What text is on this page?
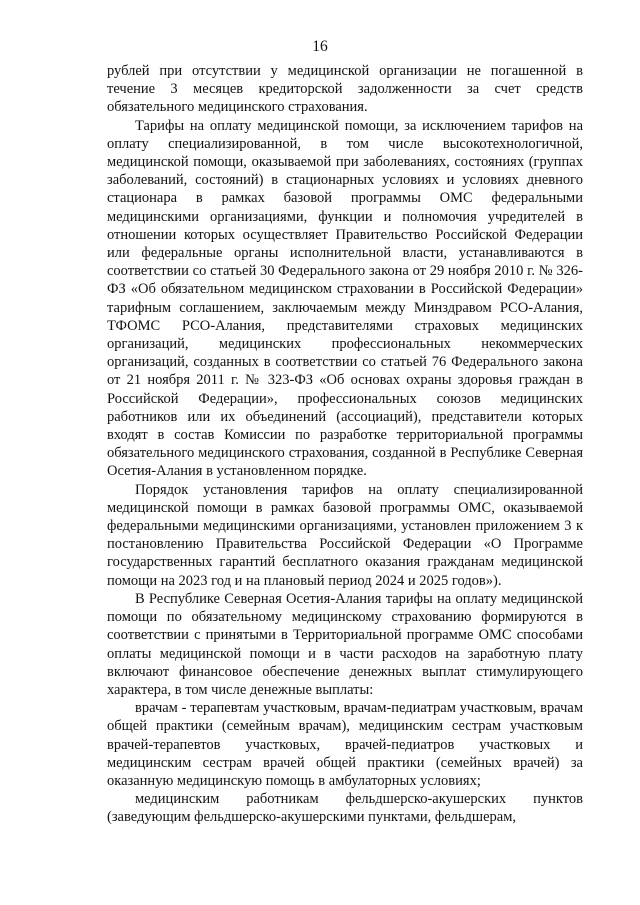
16

рублей при отсутствии у медицинской организации не погашенной в течение 3 месяцев кредиторской задолженности за счет средств обязательного медицинского страхования.

Тарифы на оплату медицинской помощи, за исключением тарифов на оплату специализированной, в том числе высокотехнологичной, медицинской помощи, оказываемой при заболеваниях, состояниях (группах заболеваний, состояний) в стационарных условиях и условиях дневного стационара в рамках базовой программы ОМС федеральными медицинскими организациями, функции и полномочия учредителей в отношении которых осуществляет Правительство Российской Федерации или федеральные органы исполнительной власти, устанавливаются в соответствии со статьей 30 Федерального закона от 29 ноября 2010 г. № 326-ФЗ «Об обязательном медицинском страховании в Российской Федерации» тарифным соглашением, заключаемым между Минздравом РСО-Алания, ТФОМС РСО-Алания, представителями страховых медицинских организаций, медицинских профессиональных некоммерческих организаций, созданных в соответствии со статьей 76 Федерального закона от 21 ноября 2011 г. № 323-ФЗ «Об основах охраны здоровья граждан в Российской Федерации», профессиональных союзов медицинских работников или их объединений (ассоциаций), представители которых входят в состав Комиссии по разработке территориальной программы обязательного медицинского страхования, созданной в Республике Северная Осетия-Алания в установленном порядке.

Порядок установления тарифов на оплату специализированной медицинской помощи в рамках базовой программы ОМС, оказываемой федеральными медицинскими организациями, установлен приложением 3 к постановлению Правительства Российской Федерации «О Программе государственных гарантий бесплатного оказания гражданам медицинской помощи на 2023 год и на плановый период 2024 и 2025 годов»).

В Республике Северная Осетия-Алания тарифы на оплату медицинской помощи по обязательному медицинскому страхованию формируются в соответствии с принятыми в Территориальной программе ОМС способами оплаты медицинской помощи и в части расходов на заработную плату включают финансовое обеспечение денежных выплат стимулирующего характера, в том числе денежные выплаты:

врачам - терапевтам участковым, врачам-педиатрам участковым, врачам общей практики (семейным врачам), медицинским сестрам участковым врачей-терапевтов участковых, врачей-педиатров участковых и медицинским сестрам врачей общей практики (семейных врачей) за оказанную медицинскую помощь в амбулаторных условиях;

медицинским работникам фельдшерско-акушерских пунктов (заведующим фельдшерско-акушерскими пунктами, фельдшерам,
